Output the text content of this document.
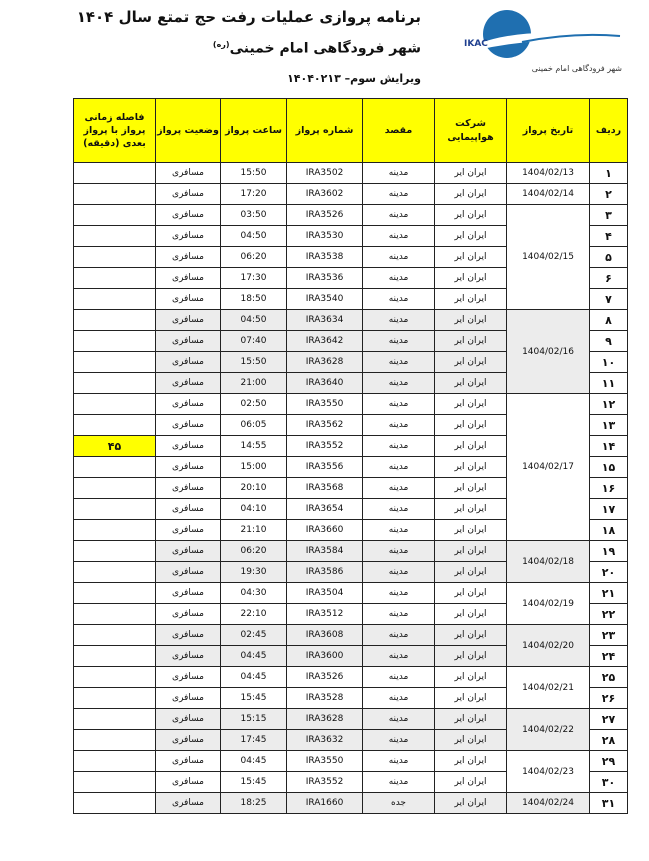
برنامه پروازی عملیات رفت حج تمتع سال ۱۴۰۴
شهر فرودگاهی امام خمینی$^{(ره)}$
ویرایش سوم– ۱۴۰۴۰۲۱۳
IKAC
شهر فرودگاهی امام خمینی
ردیف	تاریخ پرواز	شرکت هواپیمایی	مقصد	شماره پرواز	ساعت پرواز	وضعیت پرواز	فاصله زمانی پرواز با پرواز بعدی (دقیقه)
۱	1404/02/13	ایران ایر	مدینه	IRA3502	15:50	مسافری	
۲	1404/02/14	ایران ایر	مدینه	IRA3602	17:20	مسافری	
۳	1404/02/15	ایران ایر	مدینه	IRA3526	03:50	مسافری	
۴		ایران ایر	مدینه	IRA3530	04:50	مسافری	
۵		ایران ایر	مدینه	IRA3538	06:20	مسافری	
۶		ایران ایر	مدینه	IRA3536	17:30	مسافری	
۷		ایران ایر	مدینه	IRA3540	18:50	مسافری	
۸	1404/02/16	ایران ایر	مدینه	IRA3634	04:50	مسافری	
۹		ایران ایر	مدینه	IRA3642	07:40	مسافری	
۱۰		ایران ایر	مدینه	IRA3628	15:50	مسافری	
۱۱		ایران ایر	مدینه	IRA3640	21:00	مسافری	
۱۲	1404/02/17	ایران ایر	مدینه	IRA3550	02:50	مسافری	
۱۳		ایران ایر	مدینه	IRA3562	06:05	مسافری	
۱۴		ایران ایر	مدینه	IRA3552	14:55	مسافری	۴۵
۱۵		ایران ایر	مدینه	IRA3556	15:00	مسافری	
۱۶		ایران ایر	مدینه	IRA3568	20:10	مسافری	
۱۷		ایران ایر	مدینه	IRA3654	04:10	مسافری	
۱۸		ایران ایر	مدینه	IRA3660	21:10	مسافری	
۱۹	1404/02/18	ایران ایر	مدینه	IRA3584	06:20	مسافری	
۲۰		ایران ایر	مدینه	IRA3586	19:30	مسافری	
۲۱	1404/02/19	ایران ایر	مدینه	IRA3504	04:30	مسافری	
۲۲		ایران ایر	مدینه	IRA3512	22:10	مسافری	
۲۳	1404/02/20	ایران ایر	مدینه	IRA3608	02:45	مسافری	
۲۴		ایران ایر	مدینه	IRA3600	04:45	مسافری	
۲۵	1404/02/21	ایران ایر	مدینه	IRA3526	04:45	مسافری	
۲۶		ایران ایر	مدینه	IRA3528	15:45	مسافری	
۲۷	1404/02/22	ایران ایر	مدینه	IRA3628	15:15	مسافری	
۲۸		ایران ایر	مدینه	IRA3632	17:45	مسافری	
۲۹	1404/02/23	ایران ایر	مدینه	IRA3550	04:45	مسافری	
۳۰		ایران ایر	مدینه	IRA3552	15:45	مسافری	
۳۱	1404/02/24	ایران ایر	جده	IRA1660	18:25	مسافری	
